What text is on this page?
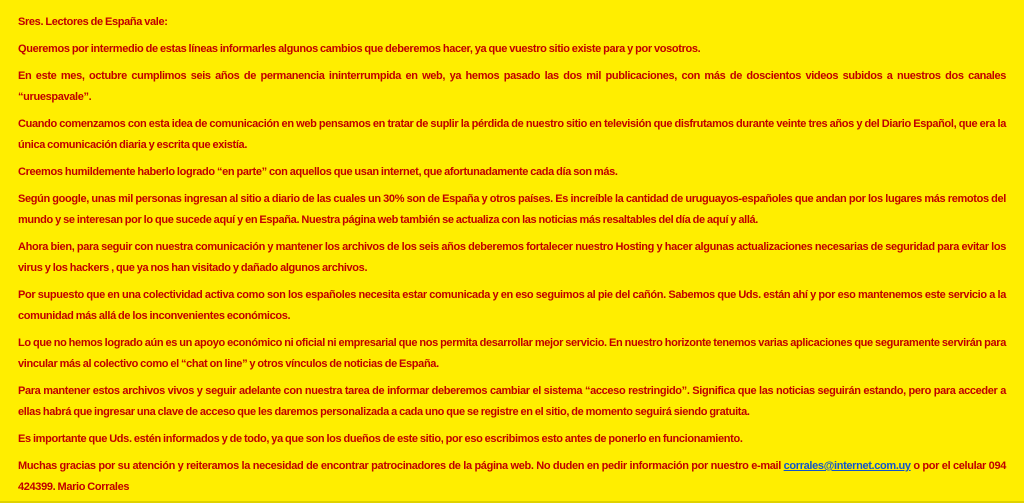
Sres. Lectores de España vale:

Queremos por intermedio de estas líneas informarles algunos cambios que deberemos hacer, ya que vuestro sitio existe para y por vosotros.

En este mes, octubre cumplimos seis años de permanencia ininterrumpida en web, ya hemos pasado las dos mil publicaciones, con más de doscientos videos subidos a nuestros dos canales “uruespavale”.

Cuando comenzamos con esta idea de comunicación en web pensamos en tratar de suplir la pérdida de nuestro sitio en televisión que disfrutamos durante veinte tres años y del Diario Español, que era la única comunicación diaria y escrita que existía.

Creemos humildemente haberlo logrado “en parte” con aquellos que usan internet, que afortunadamente cada día son más.

Según google, unas mil personas ingresan al sitio a diario de las cuales un 30% son de España y otros países. Es increíble la cantidad de uruguayos-españoles que andan por los lugares más remotos del mundo y se interesan por lo que sucede aquí y en España. Nuestra página web también se actualiza con las noticias más resaltables del día de aquí y allá.

Ahora bien, para seguir con nuestra comunicación y mantener los archivos de los seis años deberemos fortalecer nuestro Hosting y hacer algunas actualizaciones necesarias de seguridad para evitar los virus y los hackers , que ya nos han visitado y dañado algunos archivos.

Por supuesto que en una colectividad activa como son los españoles necesita estar comunicada y en eso seguimos al pie del cañón. Sabemos que Uds. están ahí y por eso mantenemos este servicio a la comunidad más allá de los inconvenientes económicos.

Lo que no hemos logrado aún es un apoyo económico ni oficial ni empresarial que nos permita desarrollar mejor servicio. En nuestro horizonte tenemos varias aplicaciones que seguramente servirán para vincular más al colectivo como el “chat on line” y otros vínculos de noticias de España.

Para mantener estos archivos vivos y seguir adelante con nuestra tarea de informar deberemos cambiar el sistema “acceso restringido”. Significa que las noticias seguirán estando, pero para acceder a ellas habrá que ingresar una clave de acceso que les daremos personalizada a cada uno que se registre en el sitio, de momento seguirá siendo gratuita.

Es importante que Uds. estén informados y de todo, ya que son los dueños de este sitio, por eso escribimos esto antes de ponerlo en funcionamiento.

Muchas gracias por su atención y reiteramos la necesidad de encontrar patrocinadores de la página web. No duden en pedir información por nuestro e-mail corrales@internet.com.uy o por el celular 094 424399. Mario Corrales
